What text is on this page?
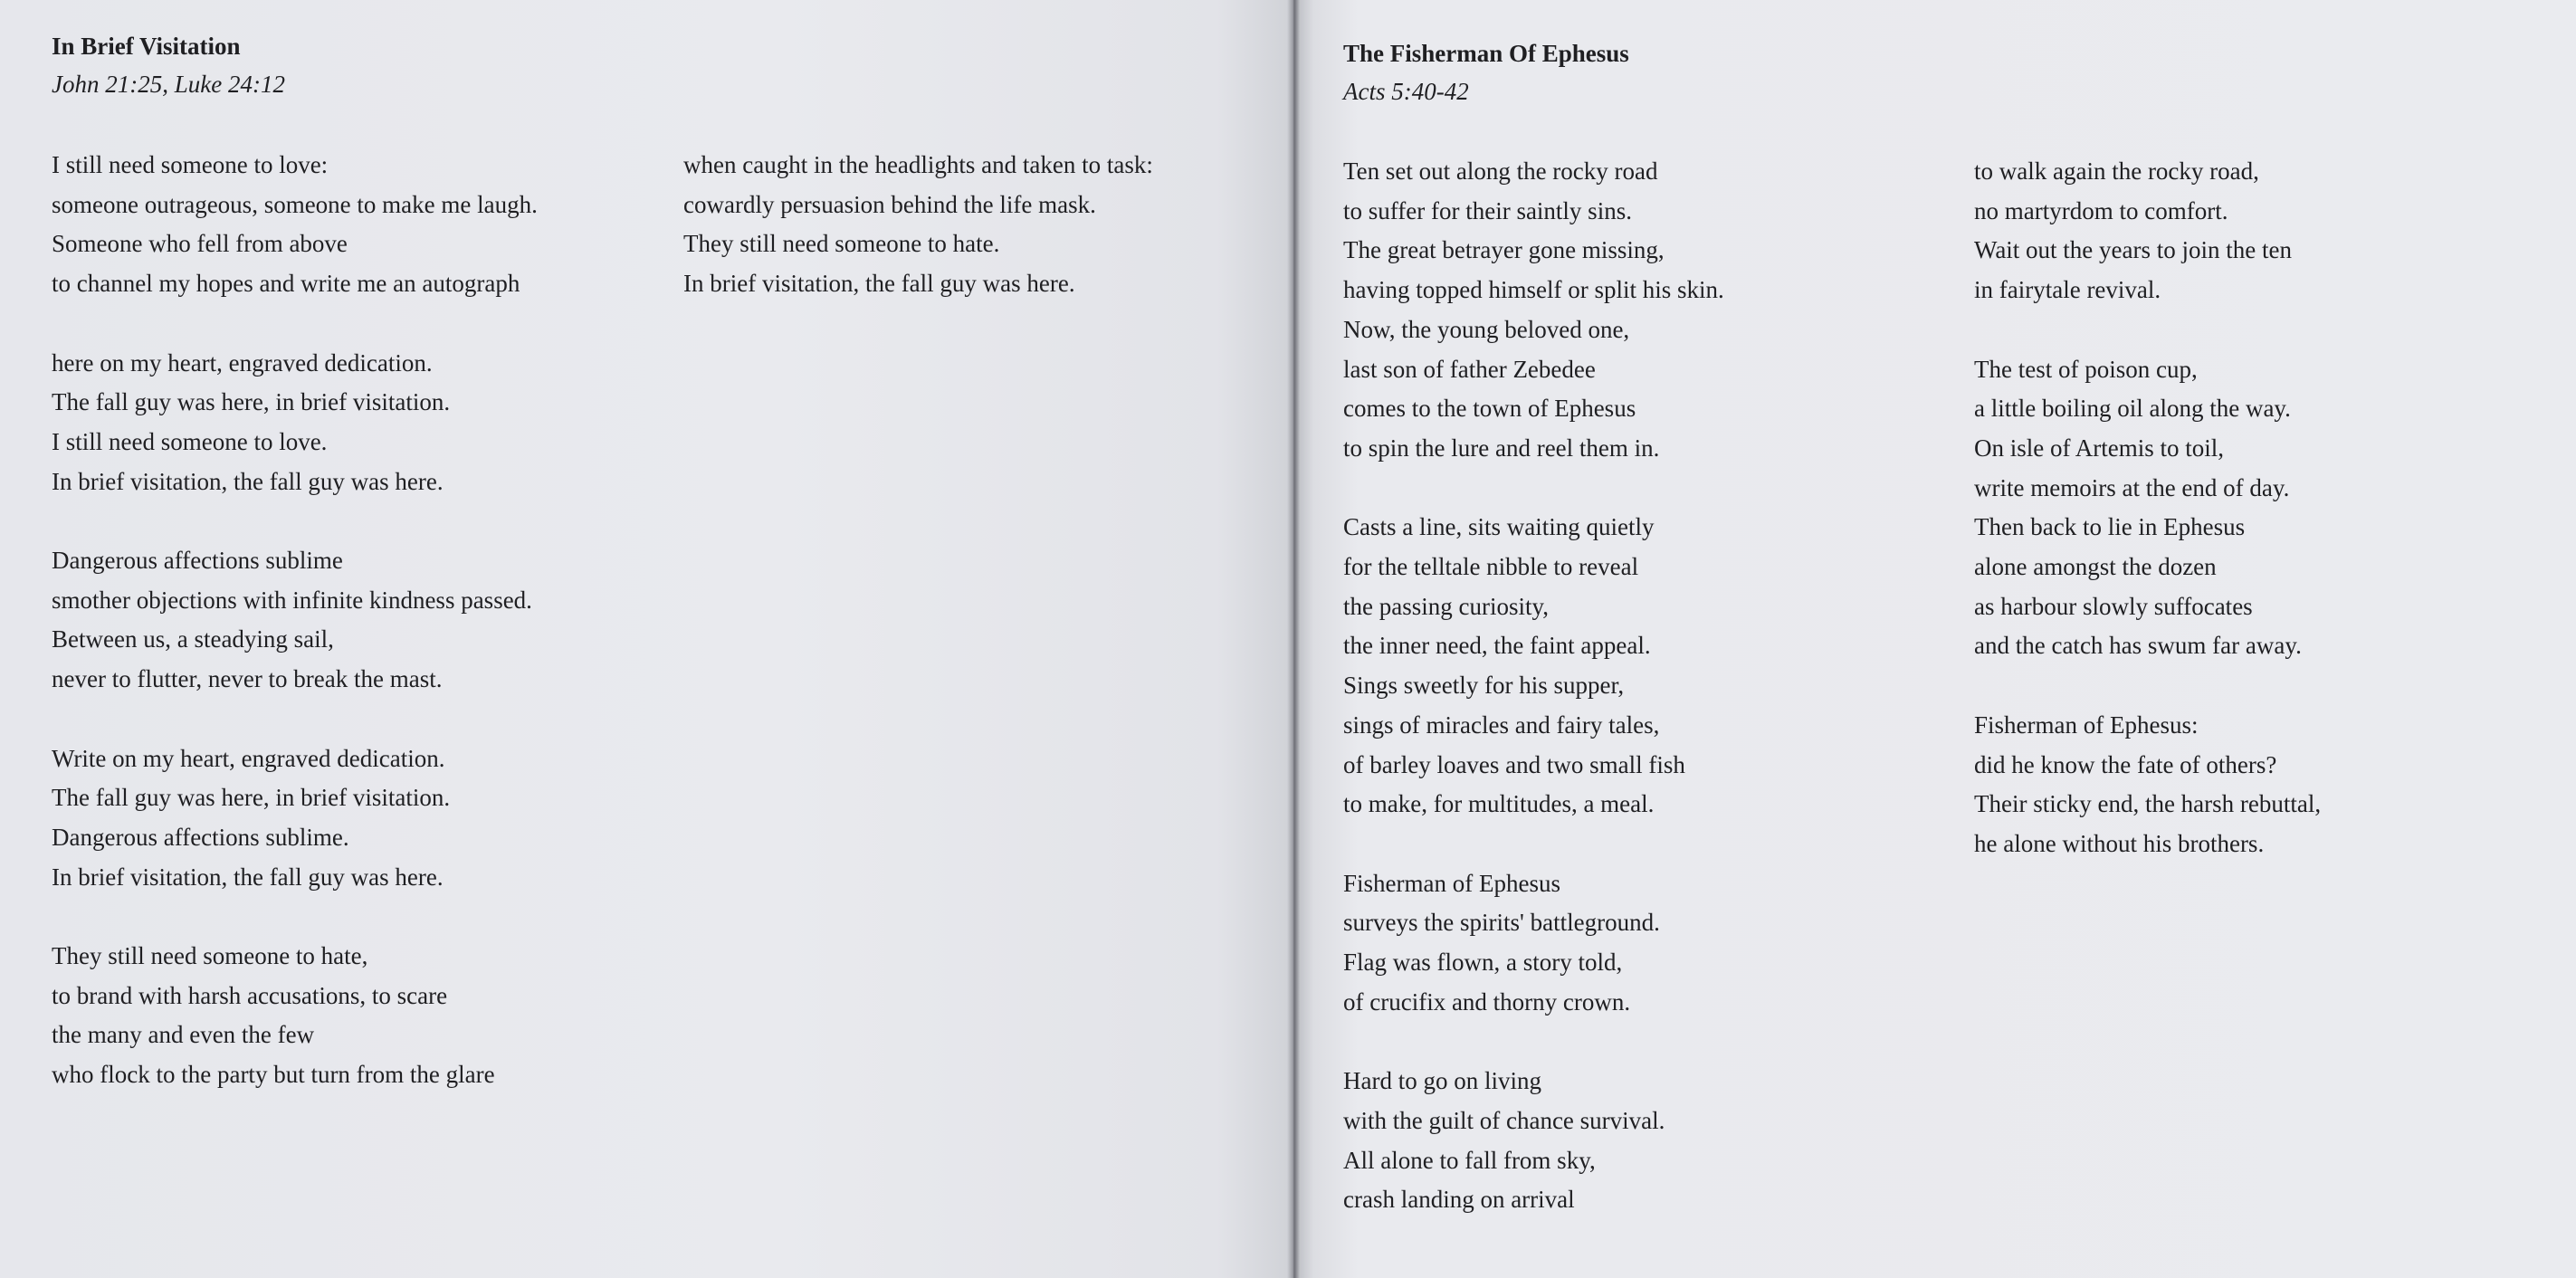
In Brief Visitation
John 21:25, Luke 24:12
I still need someone to love:
someone outrageous, someone to make me laugh.
Someone who fell from above
to channel my hopes and write me an autograph
here on my heart, engraved dedication.
The fall guy was here, in brief visitation.
I still need someone to love.
In brief visitation, the fall guy was here.
Dangerous affections sublime
smother objections with infinite kindness passed.
Between us, a steadying sail,
never to flutter, never to break the mast.
Write on my heart, engraved dedication.
The fall guy was here, in brief visitation.
Dangerous affections sublime.
In brief visitation, the fall guy was here.
They still need someone to hate,
to brand with harsh accusations, to scare
the many and even the few
who flock to the party but turn from the glare
when caught in the headlights and taken to task:
cowardly persuasion behind the life mask.
They still need someone to hate.
In brief visitation, the fall guy was here.
The Fisherman Of Ephesus
Acts 5:40-42
Ten set out along the rocky road
to suffer for their saintly sins.
The great betrayer gone missing,
having topped himself or split his skin.
Now, the young beloved one,
last son of father Zebedee
comes to the town of Ephesus
to spin the lure and reel them in.
Casts a line, sits waiting quietly
for the telltale nibble to reveal
the passing curiosity,
the inner need, the faint appeal.
Sings sweetly for his supper,
sings of miracles and fairy tales,
of barley loaves and two small fish
to make, for multitudes, a meal.
Fisherman of Ephesus
surveys the spirits' battleground.
Flag was flown, a story told,
of crucifix and thorny crown.
Hard to go on living
with the guilt of chance survival.
All alone to fall from sky,
crash landing on arrival
to walk again the rocky road,
no martyrdom to comfort.
Wait out the years to join the ten
in fairytale revival.
The test of poison cup,
a little boiling oil along the way.
On isle of Artemis to toil,
write memoirs at the end of day.
Then back to lie in Ephesus
alone amongst the dozen
as harbour slowly suffocates
and the catch has swum far away.
Fisherman of Ephesus:
did he know the fate of others?
Their sticky end, the harsh rebuttal,
he alone without his brothers.
